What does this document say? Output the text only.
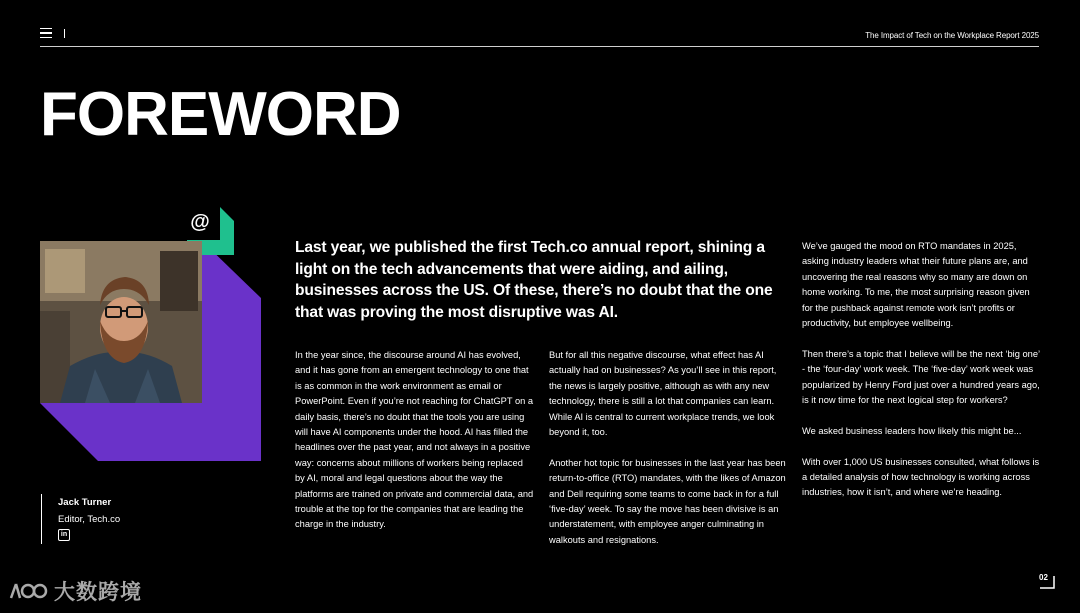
The Impact of Tech on the Workplace Report 2025
FOREWORD
@
Jack Turner
Editor, Tech.co
in

Last year, we published the first Tech.co annual report, shining a light on the tech advancements that were aiding, and ailing, businesses across the US. Of these, there’s no doubt that the one that was proving the most disruptive was AI.

In the year since, the discourse around AI has evolved, and it has gone from an emergent technology to one that is as common in the work environment as email or PowerPoint. Even if you’re not reaching for ChatGPT on a daily basis, there’s no doubt that the tools you are using will have AI components under the hood. AI has filled the headlines over the past year, and not always in a positive way: concerns about millions of workers being replaced by AI, moral and legal questions about the way the platforms are trained on private and commercial data, and trouble at the top for the companies that are leading the charge in the industry.

But for all this negative discourse, what effect has AI actually had on businesses? As you’ll see in this report, the news is largely positive, although as with any new technology, there is still a lot that companies can learn. While AI is central to current workplace trends, we look beyond it, too.

Another hot topic for businesses in the last year has been return-to-office (RTO) mandates, with the likes of Amazon and Dell requiring some teams to come back in for a full ‘five-day’ week. To say the move has been divisive is an understatement, with employee anger culminating in walkouts and resignations.

We’ve gauged the mood on RTO mandates in 2025, asking industry leaders what their future plans are, and uncovering the real reasons why so many are down on home working. To me, the most surprising reason given for the pushback against remote work isn’t profits or productivity, but employee wellbeing.

Then there’s a topic that I believe will be the next ‘big one’ - the ‘four-day’ work week. The ‘five-day’ work week was popularized by Henry Ford just over a hundred years ago, is it now time for the next logical step for workers?

We asked business leaders how likely this might be...

With over 1,000 US businesses consulted, what follows is a detailed analysis of how technology is working across industries, how it isn’t, and where we’re heading.

02
大数跨境
